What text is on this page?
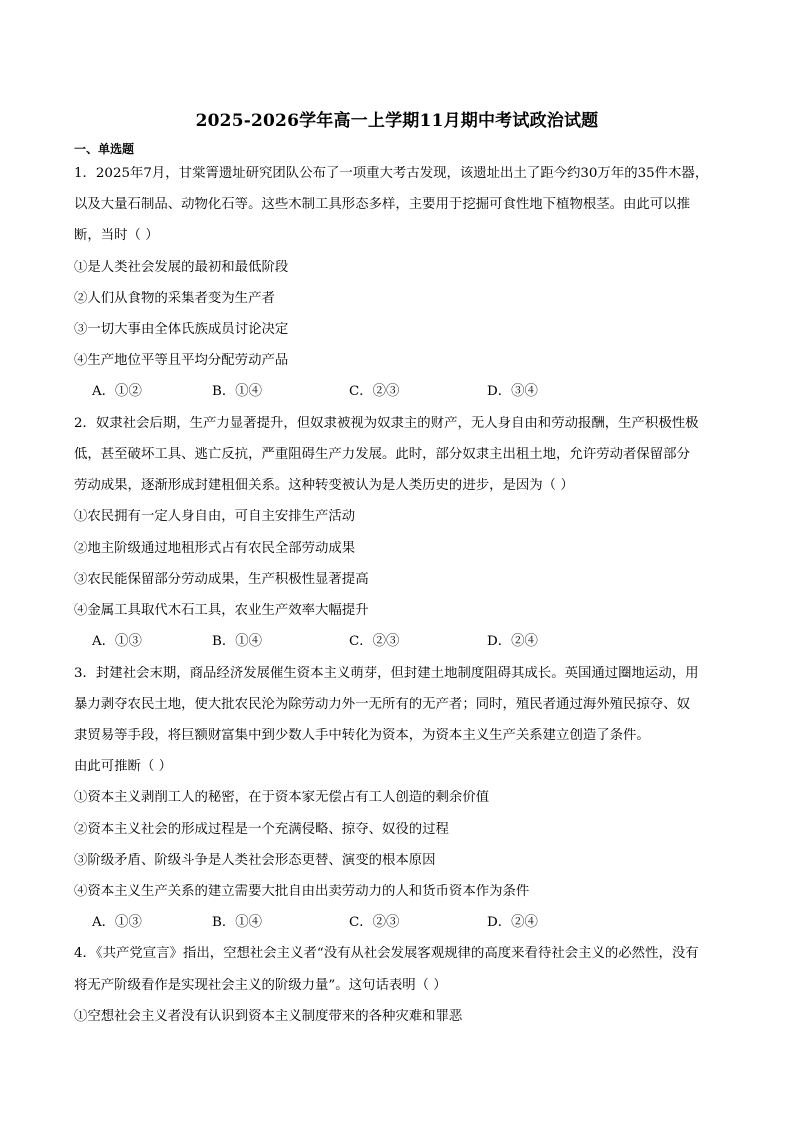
2025-2026学年高一上学期11月期中考试政治试题
一、单选题
1．2025年7月，甘棠箐遗址研究团队公布了一项重大考古发现，该遗址出土了距今约30万年的35件木器，
以及大量石制品、动物化石等。这些木制工具形态多样，主要用于挖掘可食性地下植物根茎。由此可以推
断，当时（ ）
①是人类社会发展的最初和最低阶段
②人们从食物的采集者变为生产者
③一切大事由全体氏族成员讨论决定
④生产地位平等且平均分配劳动产品
A．①②	B．①④	C．②③	D．③④
2．奴隶社会后期，生产力显著提升，但奴隶被视为奴隶主的财产，无人身自由和劳动报酬，生产积极性极
低，甚至破坏工具、逃亡反抗，严重阻碍生产力发展。此时，部分奴隶主出租土地，允许劳动者保留部分
劳动成果，逐渐形成封建租佃关系。这种转变被认为是人类历史的进步，是因为（ ）
①农民拥有一定人身自由，可自主安排生产活动
②地主阶级通过地租形式占有农民全部劳动成果
③农民能保留部分劳动成果，生产积极性显著提高
④金属工具取代木石工具，农业生产效率大幅提升
A．①③	B．①④	C．②③	D．②④
3．封建社会末期，商品经济发展催生资本主义萌芽，但封建土地制度阻碍其成长。英国通过圈地运动，用
暴力剥夺农民土地，使大批农民沦为除劳动力外一无所有的无产者；同时，殖民者通过海外殖民掠夺、奴
隶贸易等手段，将巨额财富集中到少数人手中转化为资本，为资本主义生产关系建立创造了条件。
由此可推断（ ）
①资本主义剥削工人的秘密，在于资本家无偿占有工人创造的剩余价值
②资本主义社会的形成过程是一个充满侵略、掠夺、奴役的过程
③阶级矛盾、阶级斗争是人类社会形态更替、演变的根本原因
④资本主义生产关系的建立需要大批自由出卖劳动力的人和货币资本作为条件
A．①③	B．①④	C．②③	D．②④
4．《共产党宣言》指出，空想社会主义者“没有从社会发展客观规律的高度来看待社会主义的必然性，没有
将无产阶级看作是实现社会主义的阶级力量”。这句话表明（ ）
①空想社会主义者没有认识到资本主义制度带来的各种灾难和罪恶
